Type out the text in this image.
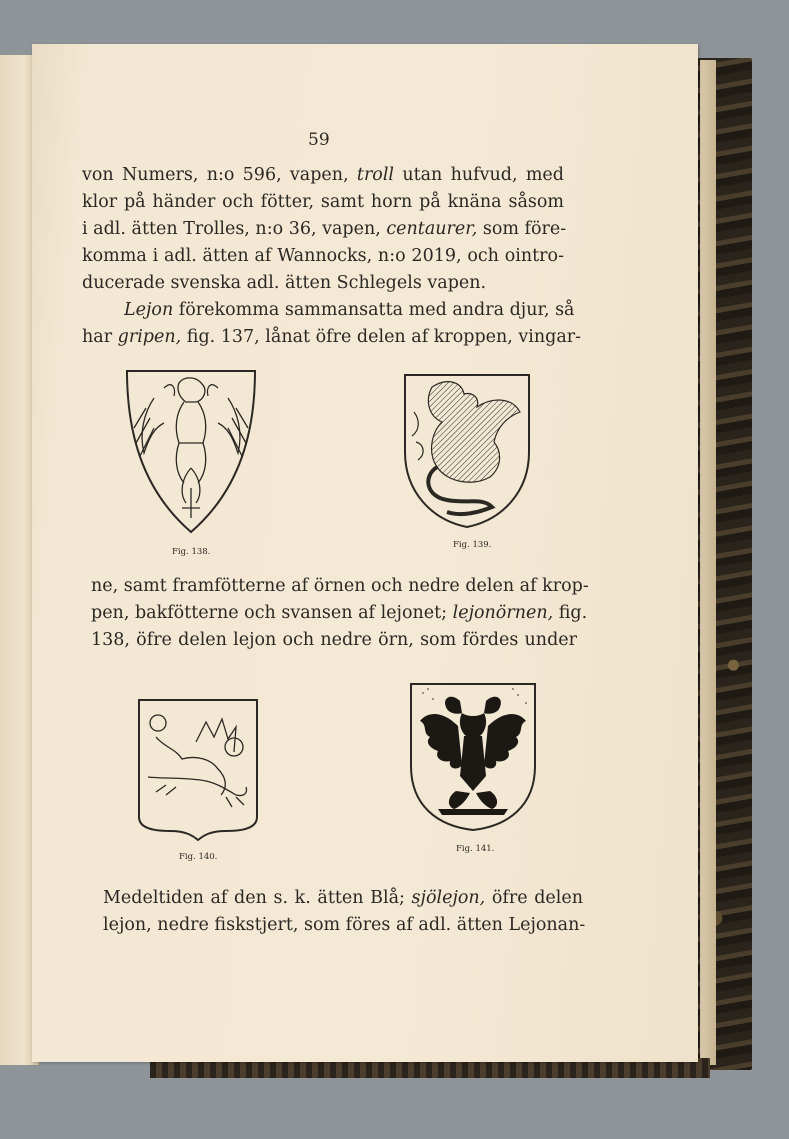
59
von Numers, n:o 596, vapen, troll utan hufvud, med
klor på händer och fötter, samt horn på knäna såsom
i adl. ätten Trolles, n:o 36, vapen, centaurer, som före-
komma i adl. ätten af Wannocks, n:o 2019, och ointro-
ducerade svenska adl. ätten Schlegels vapen.
Lejon förekomma sammansatta med andra djur, så
har gripen, fig. 137, lånat öfre delen af kroppen, vingar-
Fig. 138.
Fig. 139.
ne, samt framfötterne af örnen och nedre delen af krop-
pen, bakfötterne och svansen af lejonet; lejonörnen, fig.
138, öfre delen lejon och nedre örn, som fördes under
Fig. 140.
Fig. 141.
Medeltiden af den s. k. ätten Blå; sjölejon, öfre delen
lejon, nedre fiskstjert, som föres af adl. ätten Lejonan-
